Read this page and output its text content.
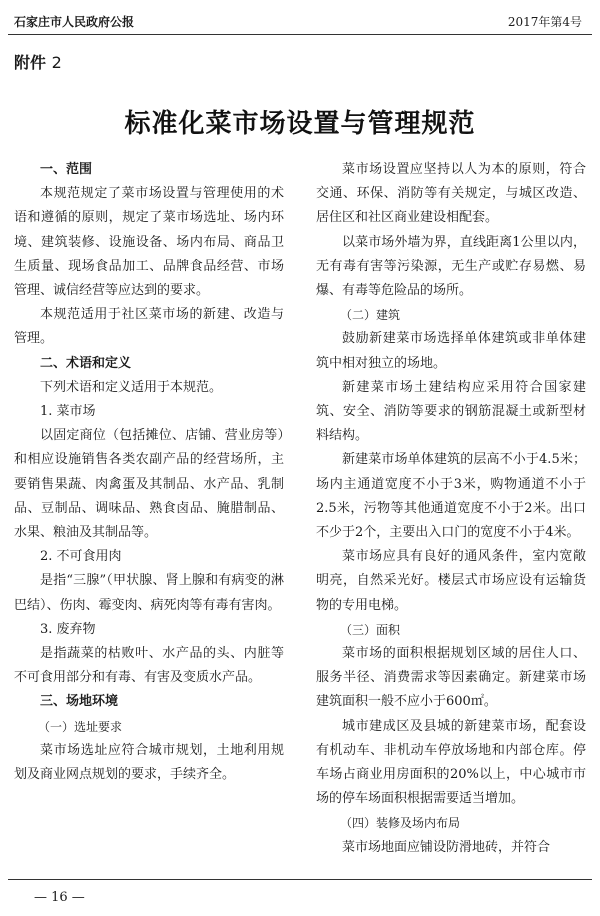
石家庄市人民政府公报	2017年第4号
附件 2
标准化菜市场设置与管理规范

一、范围

本规范规定了菜市场设置与管理使用的术语和遵循的原则，规定了菜市场选址、场内环境、建筑装修、设施设备、场内布局、商品卫生质量、现场食品加工、品牌食品经营、市场管理、诚信经营等应达到的要求。

本规范适用于社区菜市场的新建、改造与管理。

二、术语和定义

下列术语和定义适用于本规范。

1. 菜市场

以固定商位（包括摊位、店铺、营业房等）和相应设施销售各类农副产品的经营场所，主要销售果蔬、肉禽蛋及其制品、水产品、乳制品、豆制品、调味品、熟食卤品、腌腊制品、水果、粮油及其制品等。

2. 不可食用肉

是指“三腺”（甲状腺、肾上腺和有病变的淋巴结）、伤肉、霉变肉、病死肉等有毒有害肉。

3. 废弃物

是指蔬菜的枯败叶、水产品的头、内脏等不可食用部分和有毒、有害及变质水产品。

三、场地环境

（一）选址要求

菜市场选址应符合城市规划，土地利用规划及商业网点规划的要求，手续齐全。

菜市场设置应坚持以人为本的原则，符合交通、环保、消防等有关规定，与城区改造、居住区和社区商业建设相配套。

以菜市场外墙为界，直线距离1公里以内，无有毒有害等污染源，无生产或贮存易燃、易爆、有毒等危险品的场所。

（二）建筑

鼓励新建菜市场选择单体建筑或非单体建筑中相对独立的场地。

新建菜市场土建结构应采用符合国家建筑、安全、消防等要求的钢筋混凝土或新型材料结构。

新建菜市场单体建筑的层高不小于4.5米；场内主通道宽度不小于3米，购物通道不小于2.5米，污物等其他通道宽度不小于2米。出口不少于2个，主要出入口门的宽度不小于4米。

菜市场应具有良好的通风条件，室内宽敞明亮，自然采光好。楼层式市场应设有运输货物的专用电梯。

（三）面积

菜市场的面积根据规划区域的居住人口、服务半径、消费需求等因素确定。新建菜市场建筑面积一般不应小于600㎡。

城市建成区及县城的新建菜市场，配套设有机动车、非机动车停放场地和内部仓库。停车场占商业用房面积的20%以上，中心城市市场的停车场面积根据需要适当增加。

（四）装修及场内布局

菜市场地面应铺设防滑地砖，并符合

— 16 —
